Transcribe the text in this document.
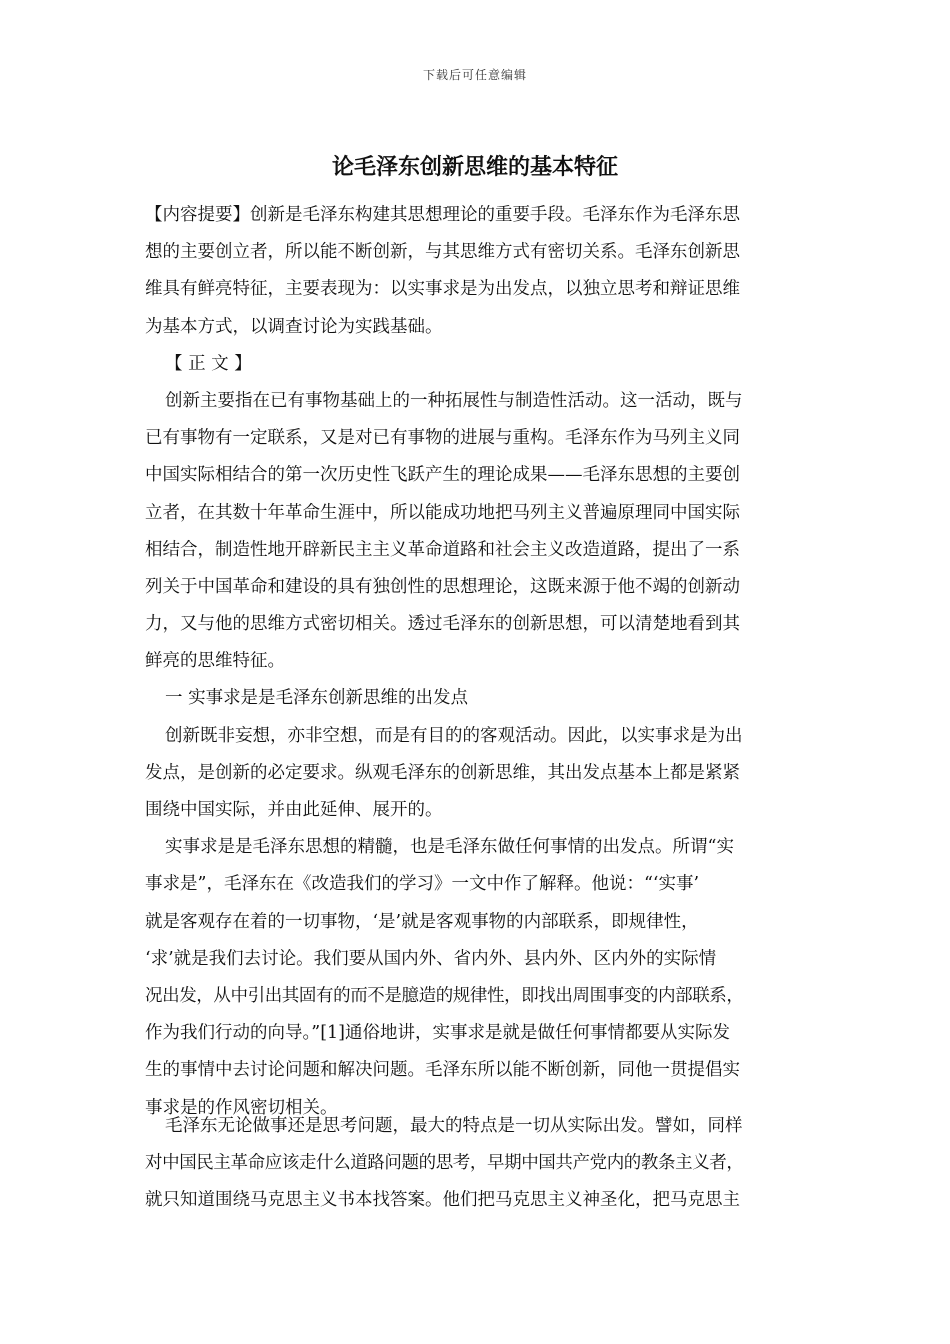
下载后可任意编辑
论毛泽东创新思维的基本特征
【内容提要】创新是毛泽东构建其思想理论的重要手段。毛泽东作为毛泽东思
想的主要创立者，所以能不断创新，与其思维方式有密切关系。毛泽东创新思
维具有鲜亮特征，主要表现为：以实事求是为出发点，以独立思考和辩证思维
为基本方式，以调查讨论为实践基础。
【 正 文 】
创新主要指在已有事物基础上的一种拓展性与制造性活动。这一活动，既与
已有事物有一定联系，又是对已有事物的进展与重构。毛泽东作为马列主义同
中国实际相结合的第一次历史性飞跃产生的理论成果——毛泽东思想的主要创
立者，在其数十年革命生涯中，所以能成功地把马列主义普遍原理同中国实际
相结合，制造性地开辟新民主主义革命道路和社会主义改造道路，提出了一系
列关于中国革命和建设的具有独创性的思想理论，这既来源于他不竭的创新动
力，又与他的思维方式密切相关。透过毛泽东的创新思想，可以清楚地看到其
鲜亮的思维特征。
一 实事求是是毛泽东创新思维的出发点
创新既非妄想，亦非空想，而是有目的的客观活动。因此，以实事求是为出
发点，是创新的必定要求。纵观毛泽东的创新思维，其出发点基本上都是紧紧
围绕中国实际，并由此延伸、展开的。
实事求是是毛泽东思想的精髓，也是毛泽东做任何事情的出发点。所谓“实
事求是”，毛泽东在《改造我们的学习》一文中作了解释。他说：“‘实事’
就是客观存在着的一切事物，‘是’就是客观事物的内部联系，即规律性，
‘求’就是我们去讨论。我们要从国内外、省内外、县内外、区内外的实际情
况出发，从中引出其固有的而不是臆造的规律性，即找出周围事变的内部联系，
作为我们行动的向导。”[1]通俗地讲，实事求是就是做任何事情都要从实际发
生的事情中去讨论问题和解决问题。毛泽东所以能不断创新，同他一贯提倡实
事求是的作风密切相关。
毛泽东无论做事还是思考问题，最大的特点是一切从实际出发。譬如，同样
对中国民主革命应该走什么道路问题的思考，早期中国共产党内的教条主义者，
就只知道围绕马克思主义书本找答案。他们把马克思主义神圣化，把马克思主
